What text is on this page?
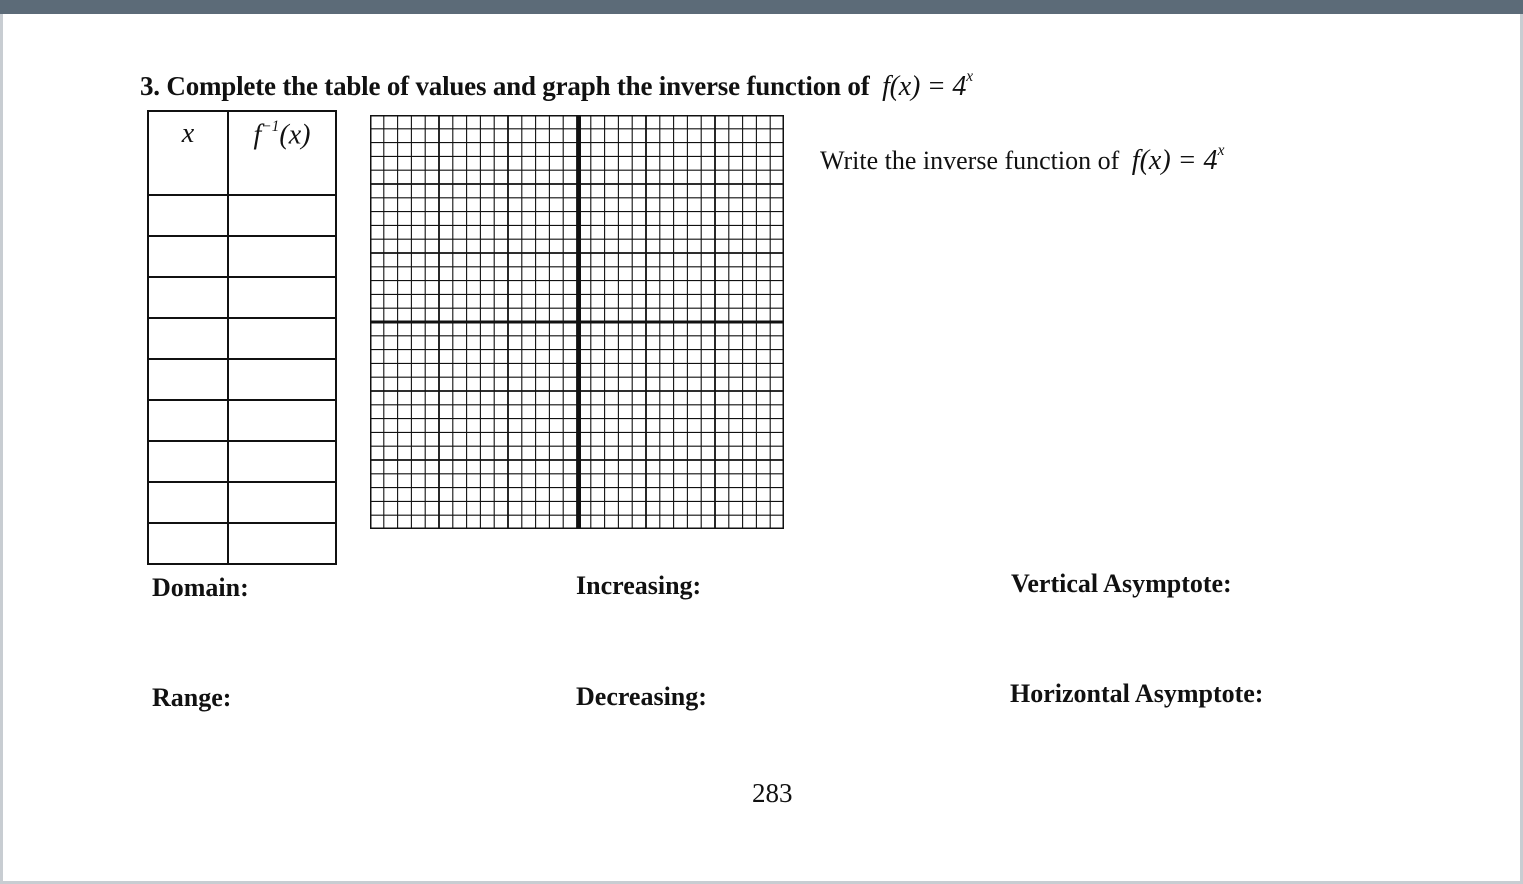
3. Complete the table of values and graph the inverse function of $f(x) = 4^x$
x	$f^{-1}(x)$

Write the inverse function of $f(x) = 4^x$
Domain:
Range:
Increasing:
Decreasing:
Vertical Asymptote:
Horizontal Asymptote:
283
